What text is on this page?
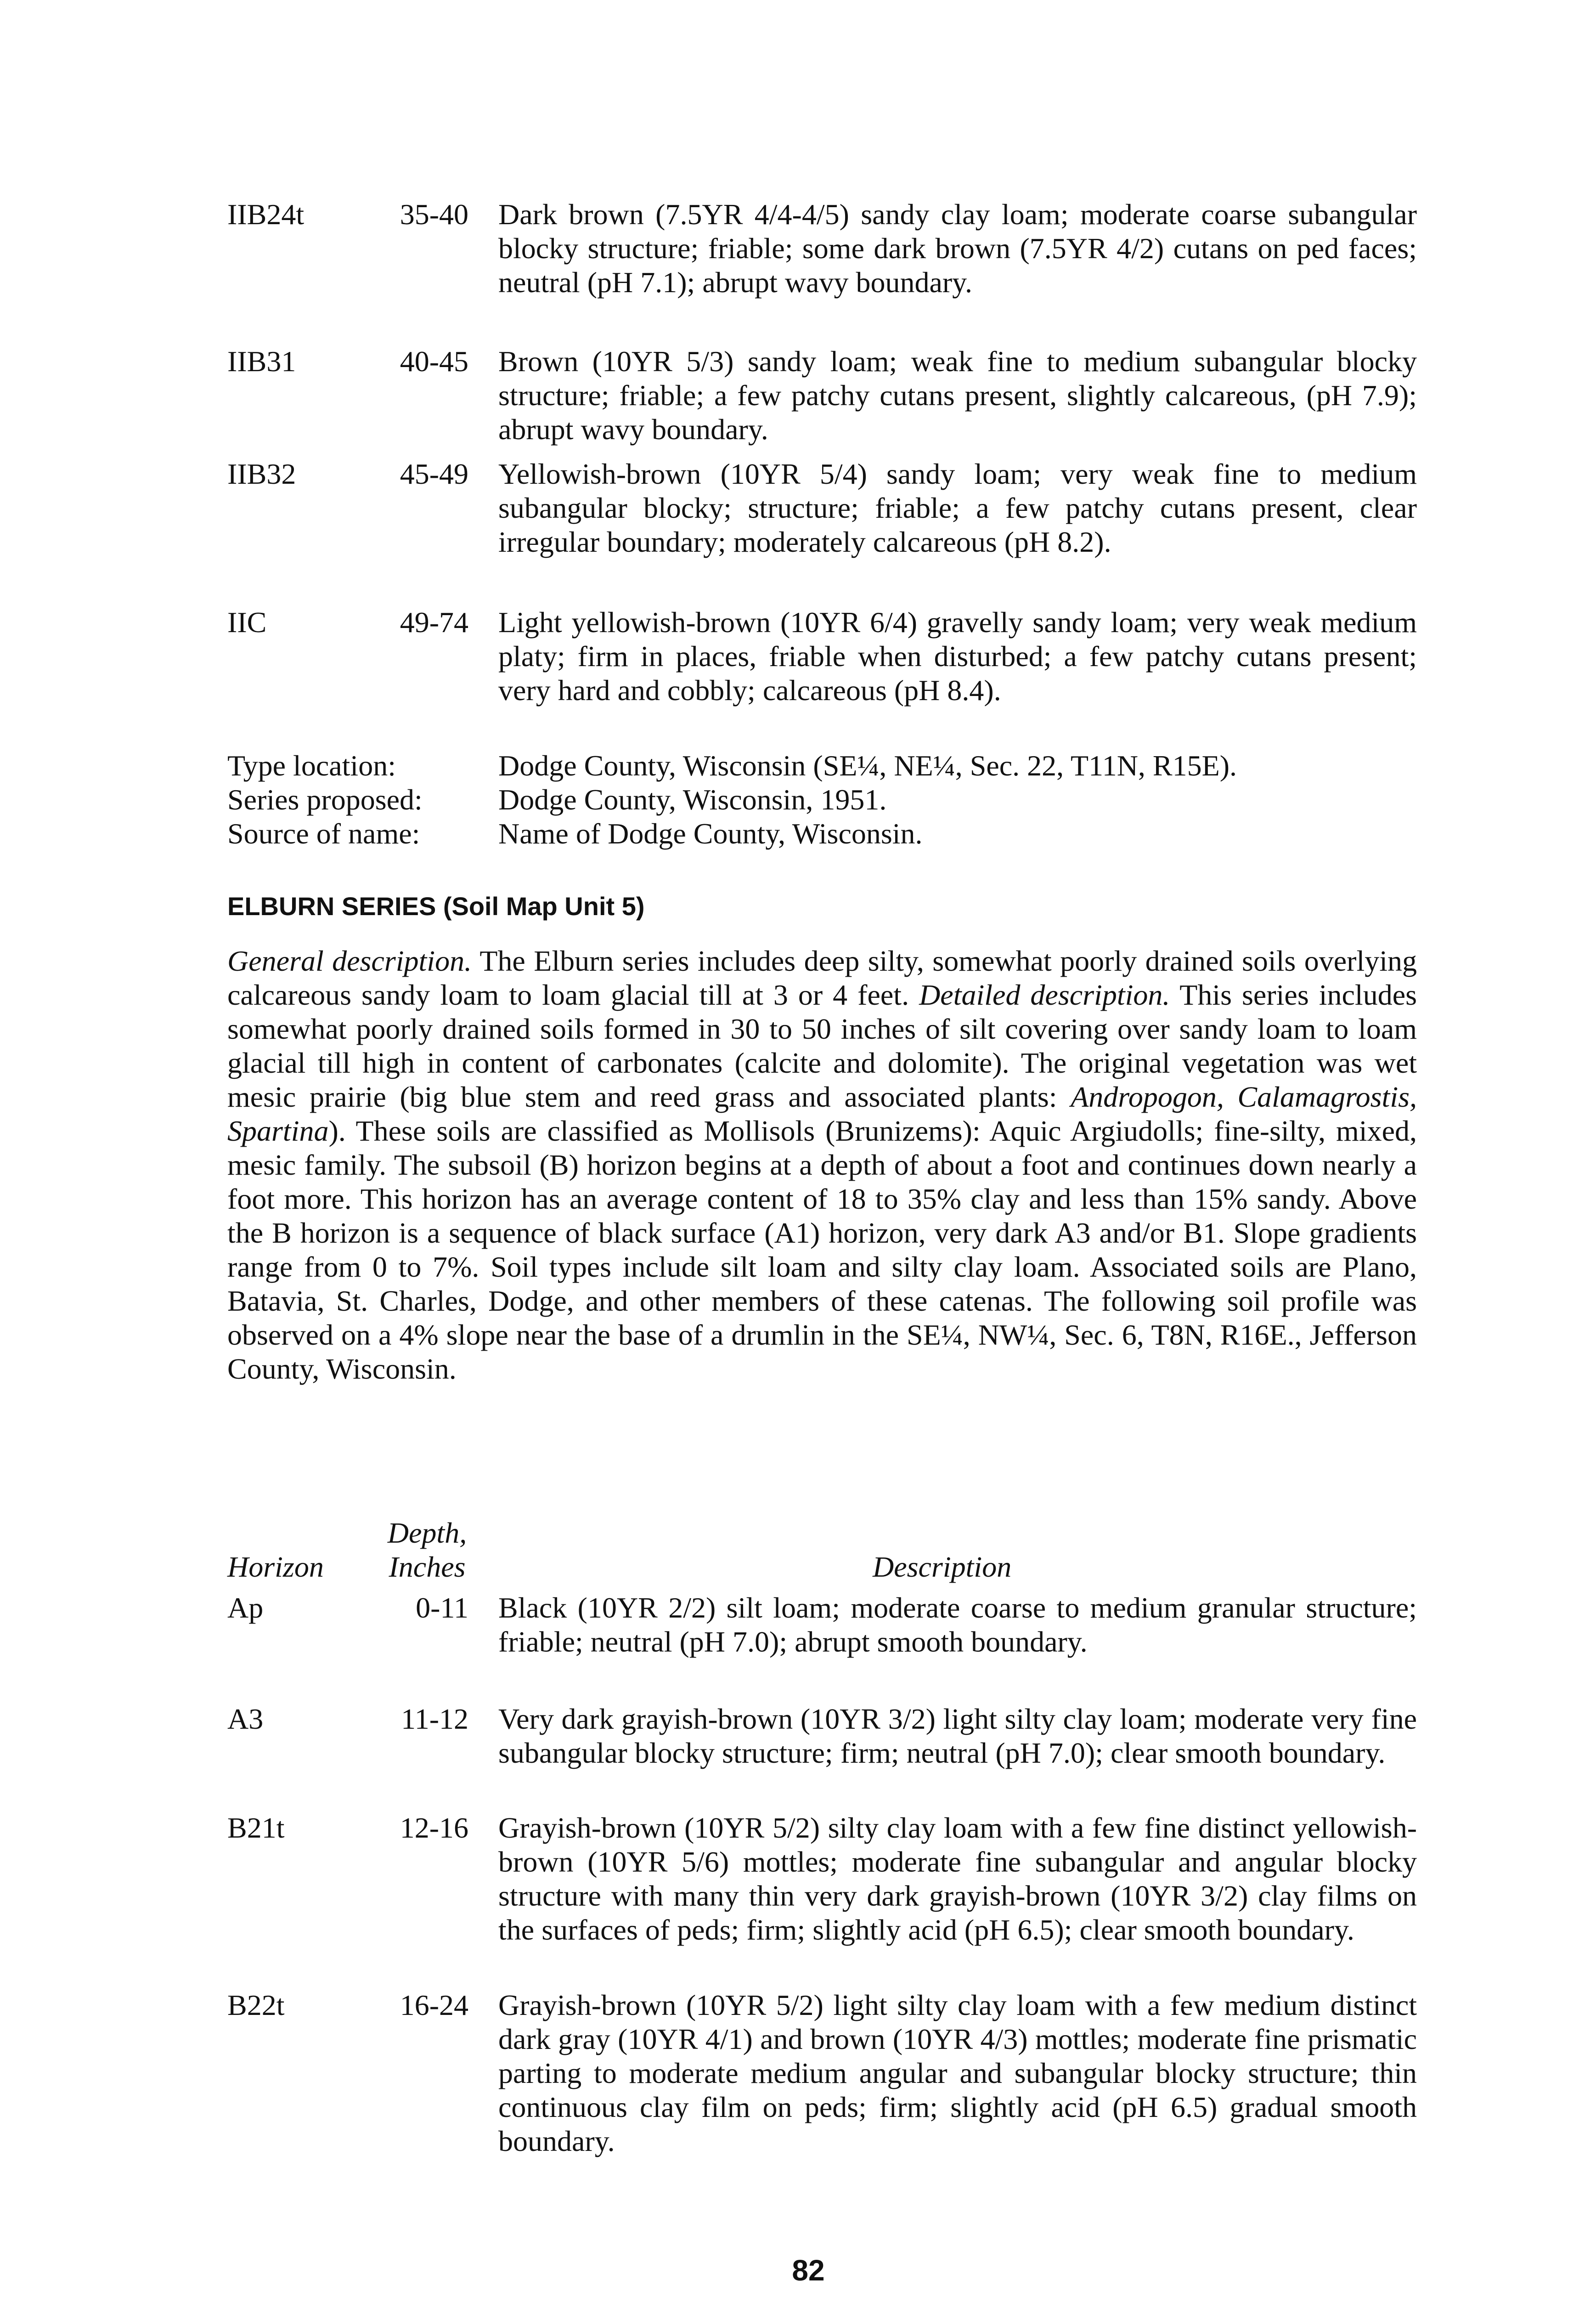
IIB24t	35-40 Dark brown (7.5YR 4/4-4/5) sandy clay loam; moderate coarse subangular blocky structure; friable; some dark brown (7.5YR 4/2) cutans on ped faces; neutral (pH 7.1); abrupt wavy boundary.
IIB31	40-45 Brown (10YR 5/3) sandy loam; weak fine to medium subangular blocky structure; friable; a few patchy cutans present, slightly calcareous, (pH 7.9); abrupt wavy boundary.
IIB32	45-49 Yellowish-brown (10YR 5/4) sandy loam; very weak fine to medium subangular blocky; structure; friable; a few patchy cutans present, clear irregular boundary; moderately calcareous (pH 8.2).
IIC	49-74 Light yellowish-brown (10YR 6/4) gravelly sandy loam; very weak medium platy; firm in places, friable when disturbed; a few patchy cutans present; very hard and cobbly; calcareous (pH 8.4).
Type location:	Dodge County, Wisconsin (SE¼, NE¼, Sec. 22, T11N, R15E).
Series proposed:	Dodge County, Wisconsin, 1951.
Source of name:	Name of Dodge County, Wisconsin.
ELBURN SERIES (Soil Map Unit 5)
General description. The Elburn series includes deep silty, somewhat poorly drained soils overlying calcareous sandy loam to loam glacial till at 3 or 4 feet. Detailed description. This series includes somewhat poorly drained soils formed in 30 to 50 inches of silt covering over sandy loam to loam glacial till high in content of carbonates (calcite and dolomite). The original vegetation was wet mesic prairie (big blue stem and reed grass and associated plants: Andropogon, Calamagrostis, Spartina). These soils are classified as Mollisols (Brunizems): Aquic Argiudolls; fine-silty, mixed, mesic family. The subsoil (B) horizon begins at a depth of about a foot and continues down nearly a foot more. This horizon has an average content of 18 to 35% clay and less than 15% sandy. Above the B horizon is a sequence of black surface (A1) horizon, very dark A3 and/or B1. Slope gradients range from 0 to 7%. Soil types include silt loam and silty clay loam. Associated soils are Plano, Batavia, St. Charles, Dodge, and other members of these catenas. The following soil profile was observed on a 4% slope near the base of a drumlin in the SE¼, NW¼, Sec. 6, T8N, R16E., Jefferson County, Wisconsin.
Depth,
Horizon Inches	Description
Ap	0-11 Black (10YR 2/2) silt loam; moderate coarse to medium granular structure; friable; neutral (pH 7.0); abrupt smooth boundary.
A3	11-12 Very dark grayish-brown (10YR 3/2) light silty clay loam; moderate very fine subangular blocky structure; firm; neutral (pH 7.0); clear smooth boundary.
B21t	12-16 Grayish-brown (10YR 5/2) silty clay loam with a few fine distinct yellowish-brown (10YR 5/6) mottles; moderate fine subangular and angular blocky structure with many thin very dark grayish-brown (10YR 3/2) clay films on the surfaces of peds; firm; slightly acid (pH 6.5); clear smooth boundary.
B22t	16-24 Grayish-brown (10YR 5/2) light silty clay loam with a few medium distinct dark gray (10YR 4/1) and brown (10YR 4/3) mottles; moderate fine prismatic parting to moderate medium angular and subangular blocky structure; thin continuous clay film on peds; firm; slightly acid (pH 6.5) gradual smooth boundary.
82
